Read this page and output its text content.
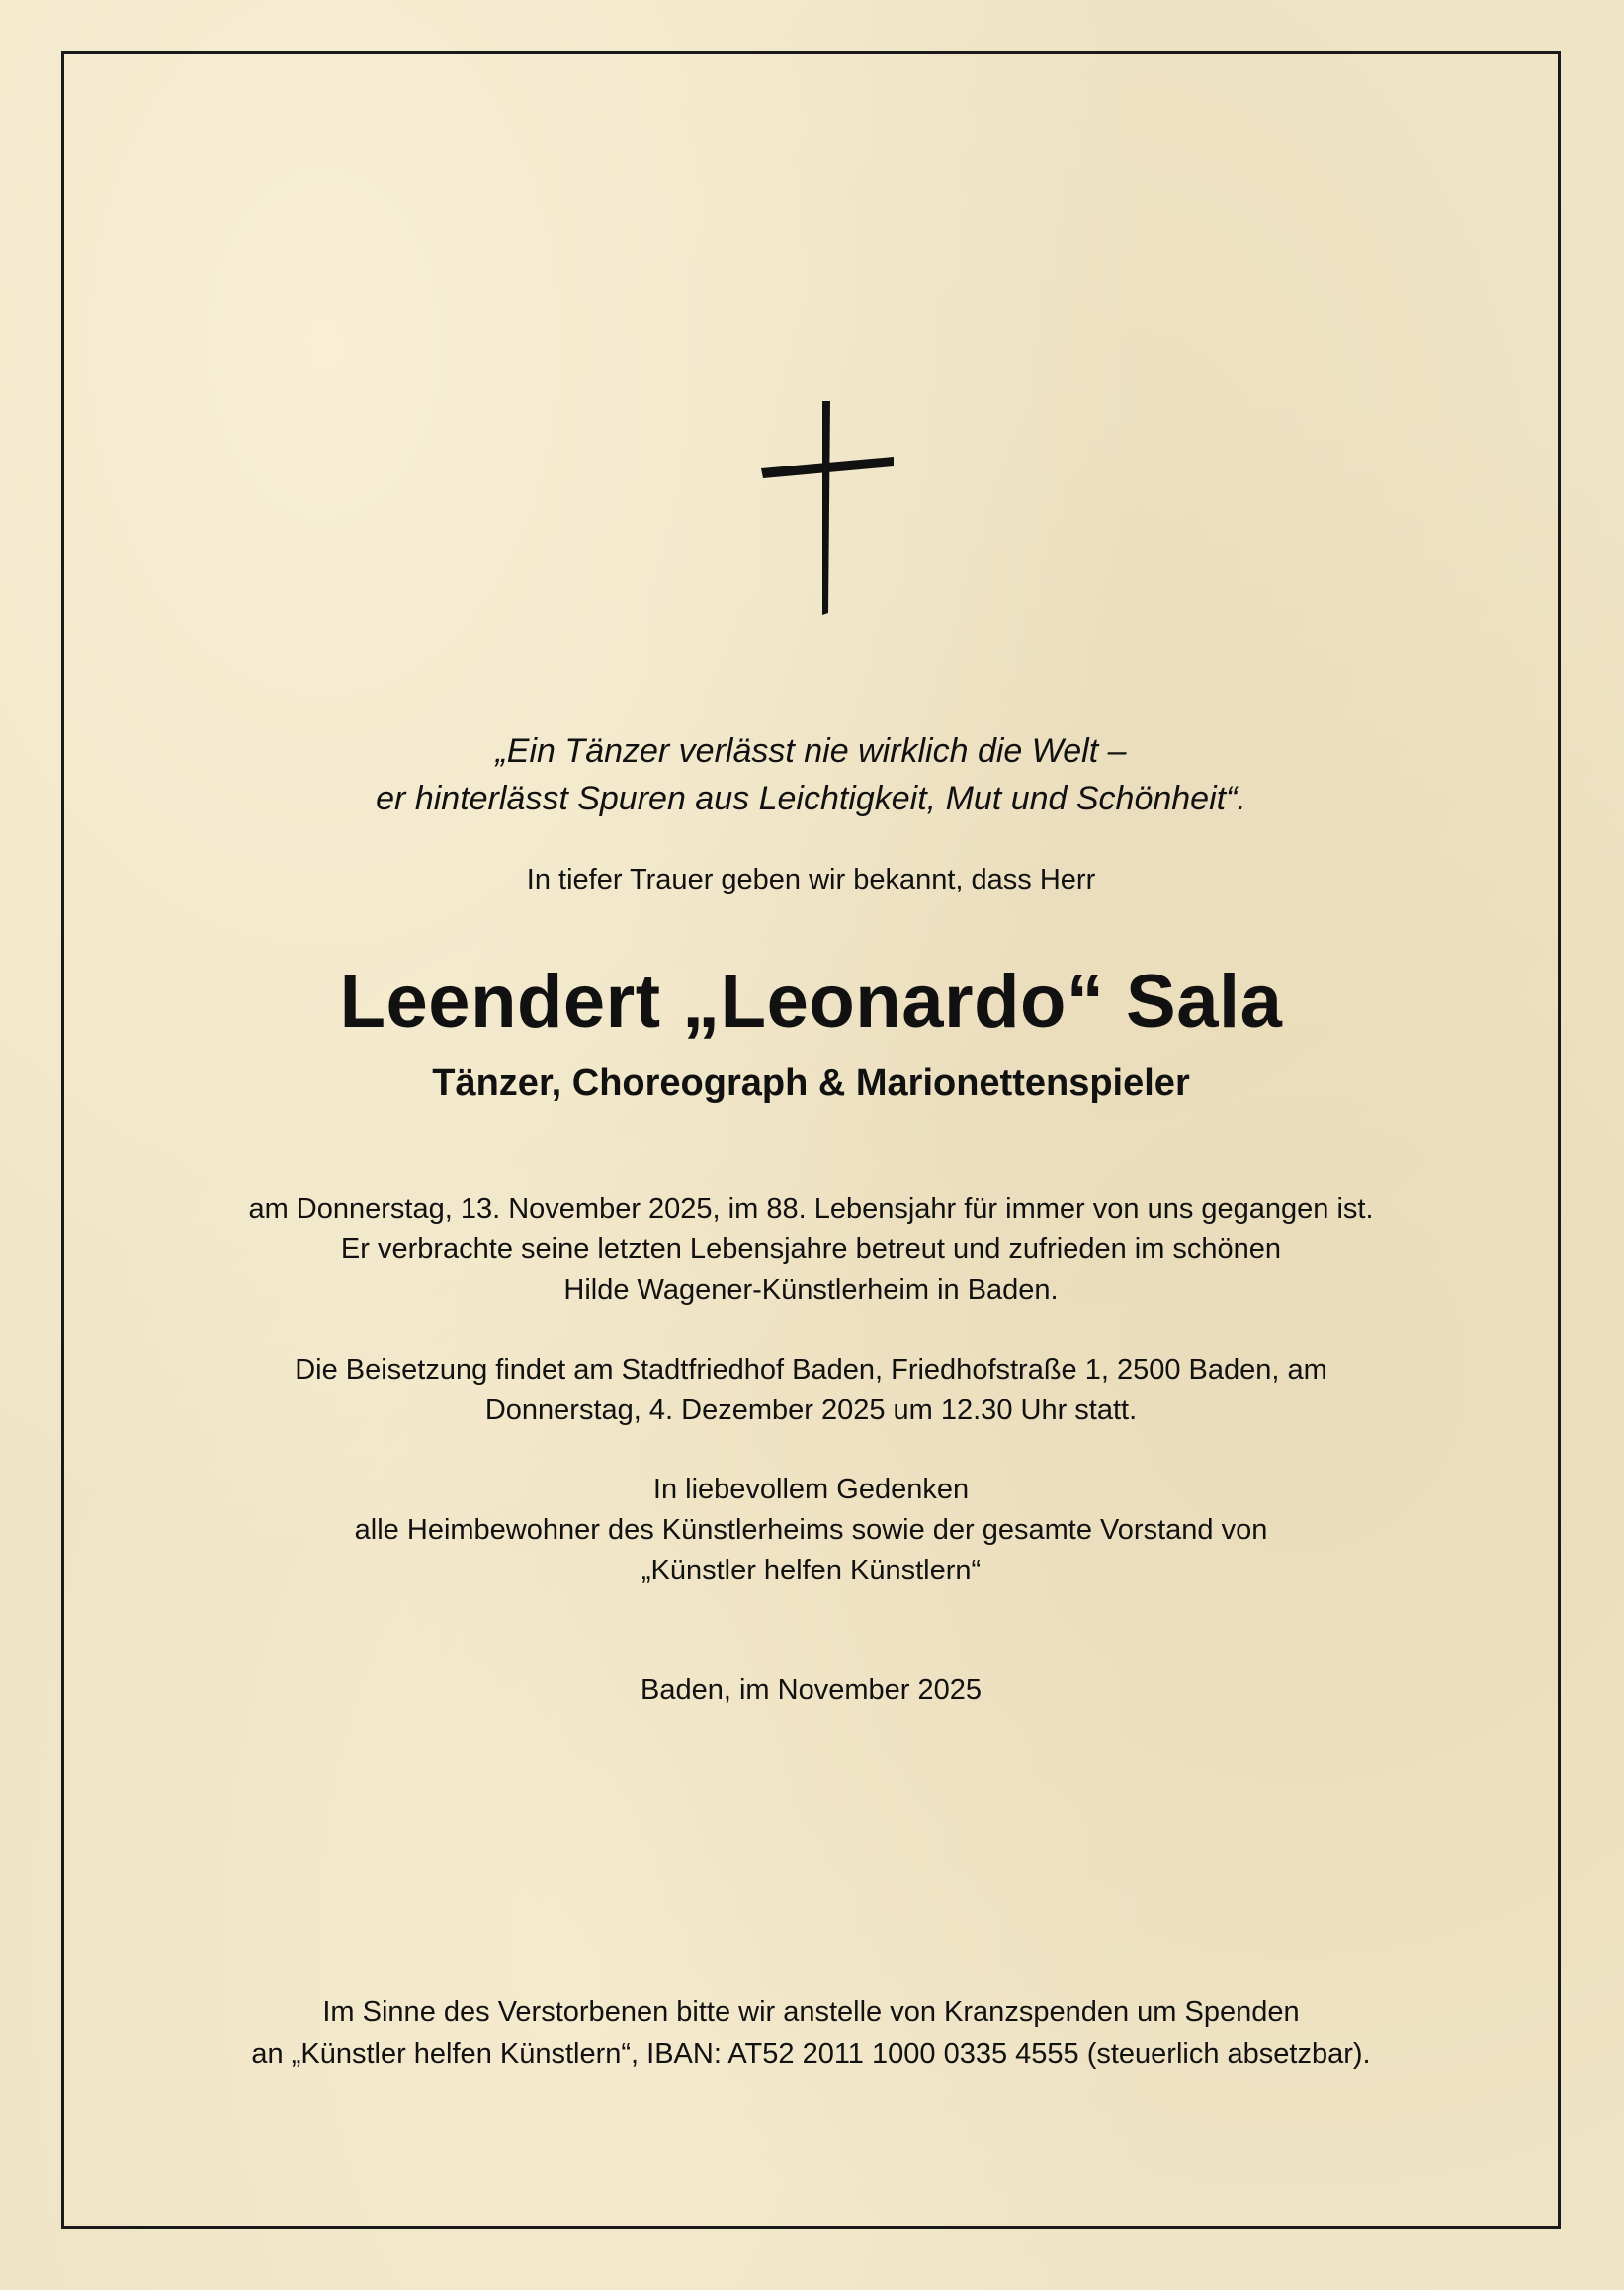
„Ein Tänzer verlässt nie wirklich die Welt –
er hinterlässt Spuren aus Leichtigkeit, Mut und Schönheit“.
In tiefer Trauer geben wir bekannt, dass Herr
Leendert „Leonardo“ Sala
Tänzer, Choreograph & Marionettenspieler
am Donnerstag, 13. November 2025, im 88. Lebensjahr für immer von uns gegangen ist.
Er verbrachte seine letzten Lebensjahre betreut und zufrieden im schönen
Hilde Wagener-Künstlerheim in Baden.
Die Beisetzung findet am Stadtfriedhof Baden, Friedhofstraße 1, 2500 Baden, am
Donnerstag, 4. Dezember 2025 um 12.30 Uhr statt.
In liebevollem Gedenken
alle Heimbewohner des Künstlerheims sowie der gesamte Vorstand von
„Künstler helfen Künstlern“
Baden, im November 2025
Im Sinne des Verstorbenen bitte wir anstelle von Kranzspenden um Spenden
an „Künstler helfen Künstlern“, IBAN: AT52 2011 1000 0335 4555 (steuerlich absetzbar).
